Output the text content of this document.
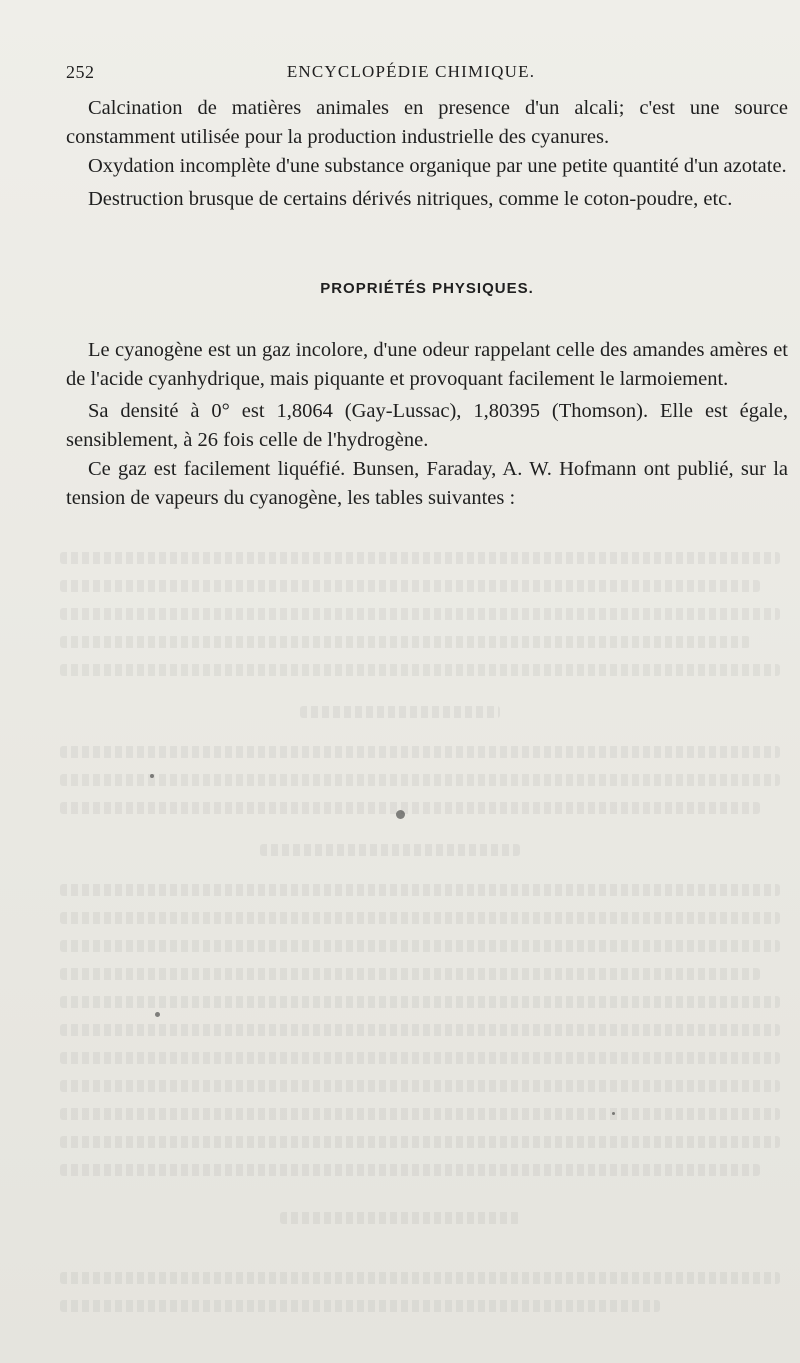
252	ENCYCLOPÉDIE CHIMIQUE.

Calcination de matières animales en presence d'un alcali; c'est une source constamment utilisée pour la production industrielle des cyanures.

Oxydation incomplète d'une substance organique par une petite quantité d'un azotate.

Destruction brusque de certains dérivés nitriques, comme le coton-poudre, etc.

PROPRIÉTÉS PHYSIQUES.

Le cyanogène est un gaz incolore, d'une odeur rappelant celle des amandes amères et de l'acide cyanhydrique, mais piquante et provoquant facilement le larmoiement.

Sa densité à 0° est 1,8064 (Gay-Lussac), 1,80395 (Thomson). Elle est égale, sensiblement, à 26 fois celle de l'hydrogène.

Ce gaz est facilement liquéfié. Bunsen, Faraday, A. W. Hofmann ont publié, sur la tension de vapeurs du cyanogène, les tables suivantes :
